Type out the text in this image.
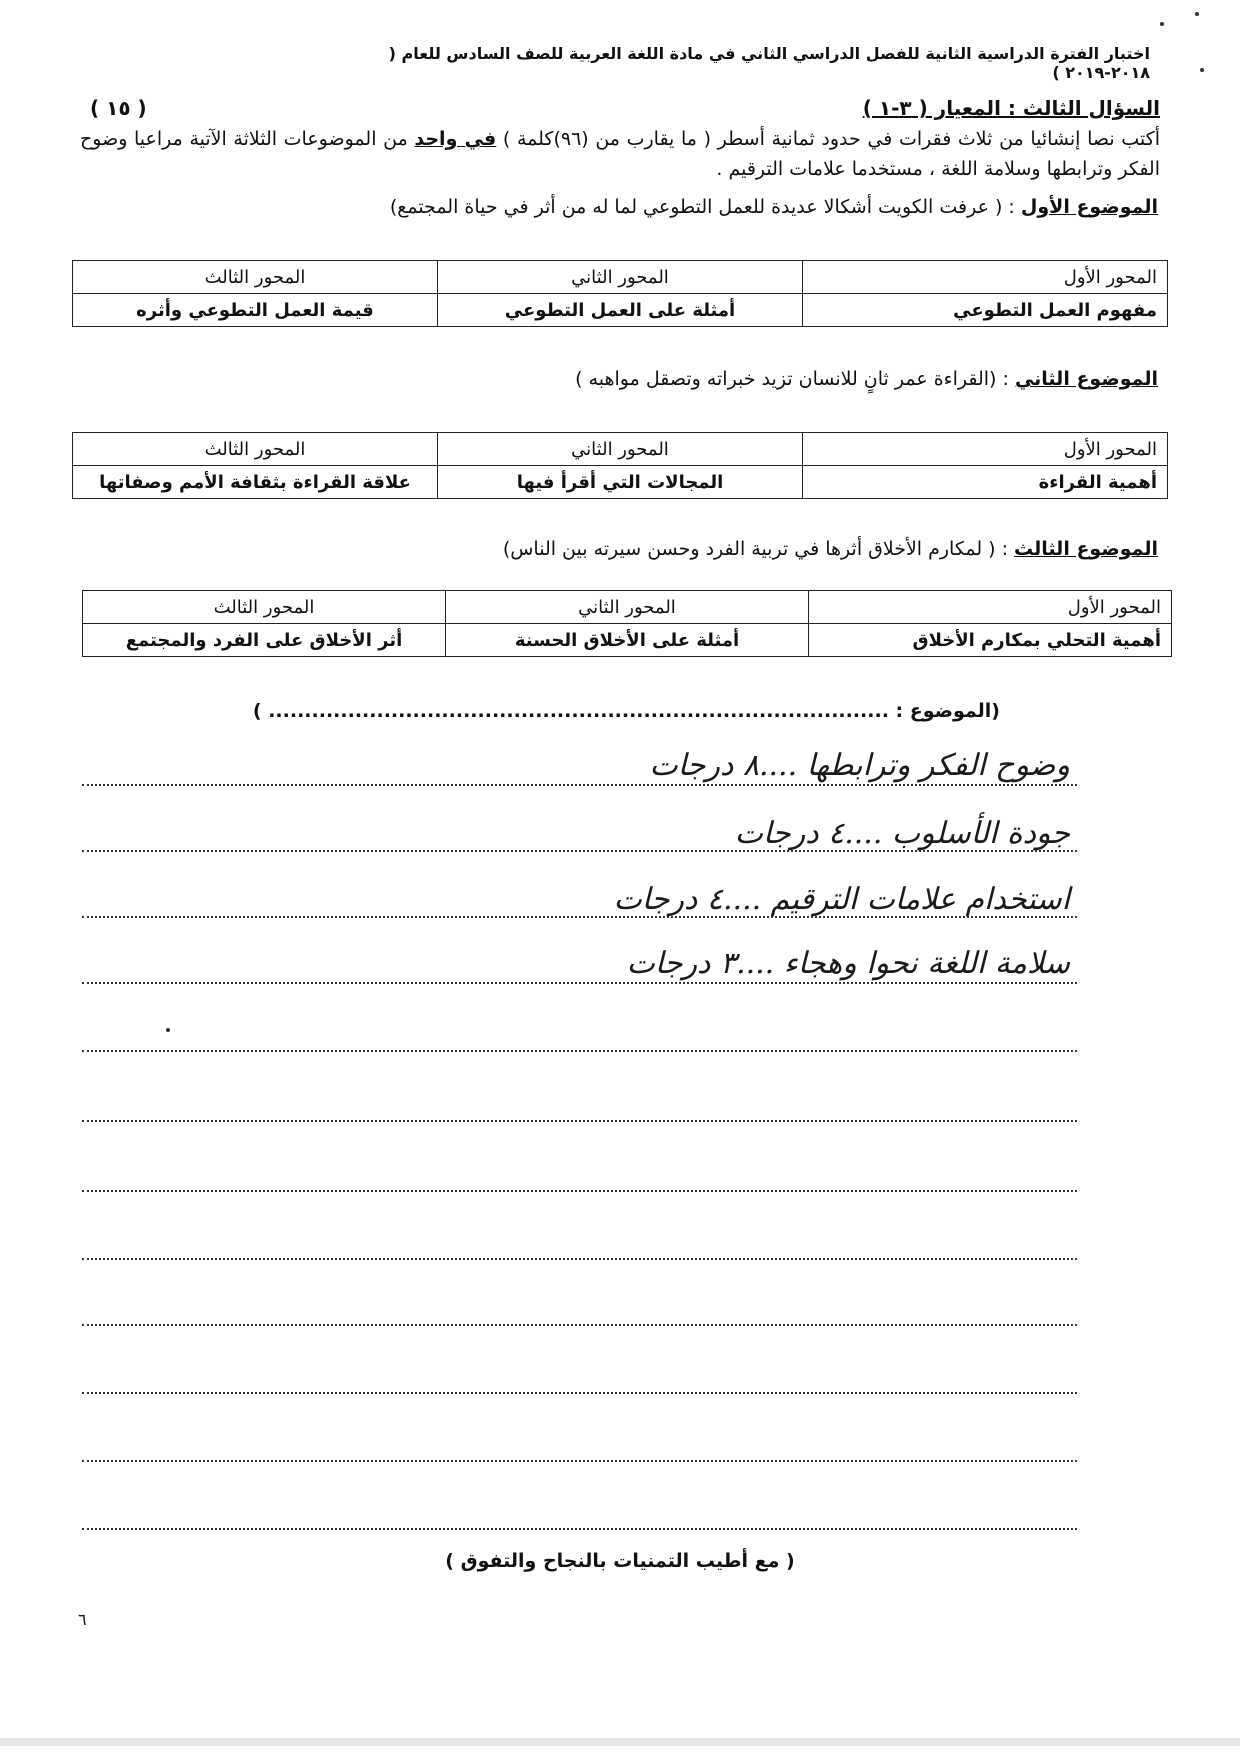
اختبار الفترة الدراسية الثانية للفصل الدراسي الثاني في مادة اللغة العربية للصف السادس للعام ( ٢٠١٨-٢٠١٩ )
السؤال الثالث : المعيار ( ٣-١ )
( ١٥ )
أكتب نصا إنشائيا من ثلاث فقرات في حدود ثمانية أسطر ( ما يقارب من (٩٦)كلمة ) في واحد من الموضوعات الثلاثة الآتية مراعيا وضوح الفكر وترابطها وسلامة اللغة ، مستخدما علامات الترقيم .
الموضوع الأول : ( عرفت الكويت أشكالا عديدة للعمل التطوعي لما له من أثر في حياة المجتمع)
المحور الأول	المحور الثاني	المحور الثالث
مفهوم العمل التطوعي	أمثلة على العمل التطوعي	قيمة العمل التطوعي وأثره
الموضوع الثاني : (القراءة عمر ثانٍ للانسان تزيد خبراته وتصقل مواهبه )
المحور الأول	المحور الثاني	المحور الثالث
أهمية القراءة	المجالات التي أقرأ فيها	علاقة القراءة بثقافة الأمم وصفاتها
الموضوع الثالث : ( لمكارم الأخلاق أثرها في تربية الفرد وحسن سيرته بين الناس)
المحور الأول	المحور الثاني	المحور الثالث
أهمية التحلي بمكارم الأخلاق	أمثلة على الأخلاق الحسنة	أثر الأخلاق على الفرد والمجتمع
(الموضوع : ...................................................................................... )
وضوح الفكر وترابطها ....٨ درجات
جودة الأسلوب ....٤ درجات
استخدام علامات الترقيم ....٤ درجات
سلامة اللغة نحوا وهجاء ....٣ درجات
( مع أطيب التمنيات بالنجاح والتفوق )
٦
